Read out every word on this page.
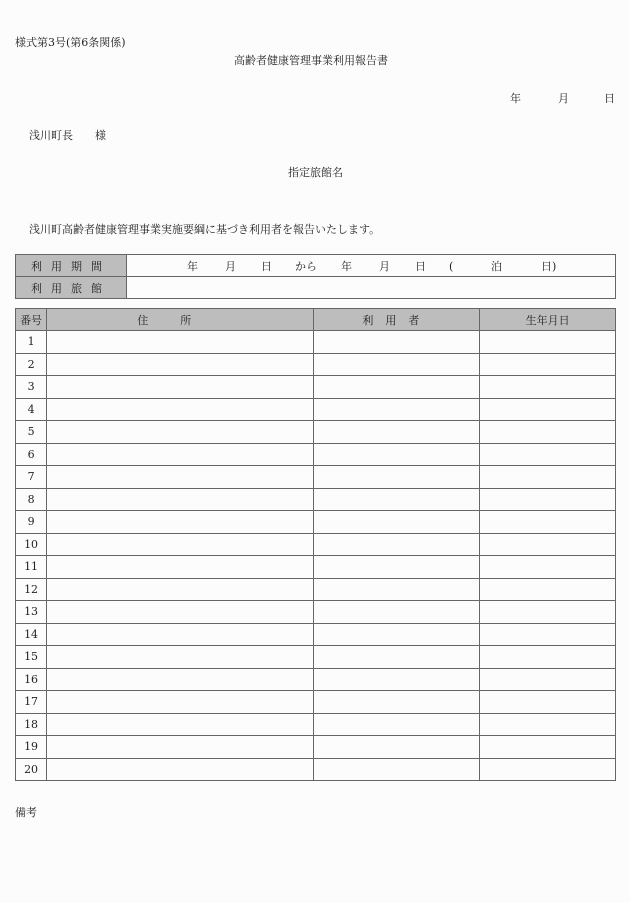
様式第3号(第6条関係)
高齢者健康管理事業利用報告書
年	月	日
浅川町長　　様
指定旅館名
浅川町高齢者健康管理事業実施要綱に基づき利用者を報告いたします。
利用期間	年 月 日 から 年 月 日 ( 泊 日)
利用旅館	
番号	住所	利用者	生年月日
1			
2			
3			
4			
5			
6			
7			
8			
9			
10			
11			
12			
13			
14			
15			
16			
17			
18			
19			
20			
備考
